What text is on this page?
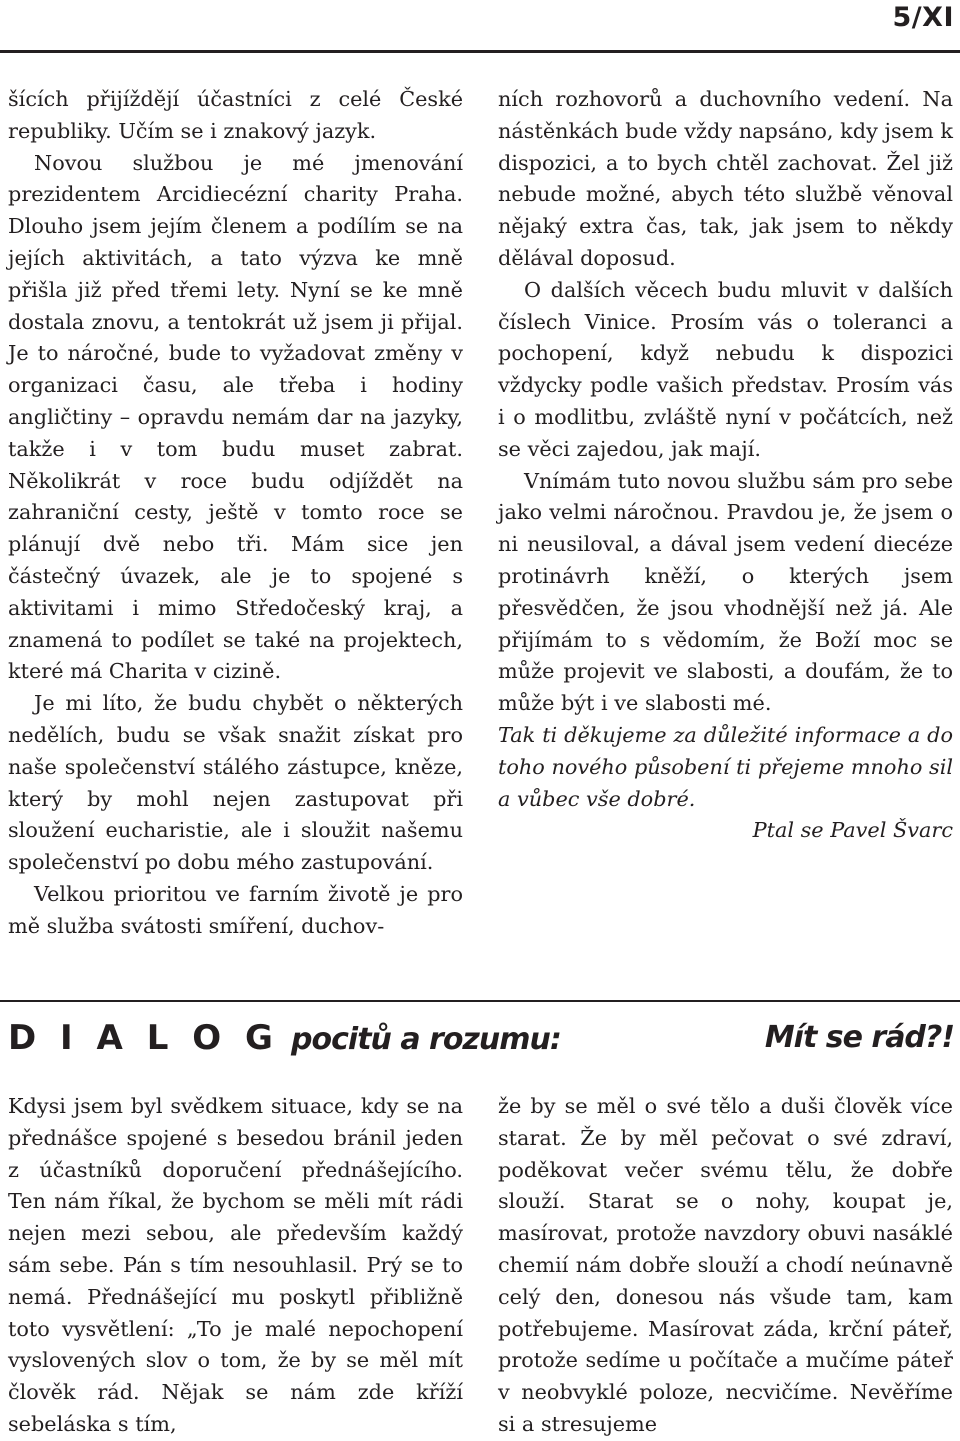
5/XI

šících přijíždějí účastníci z celé České republiky. Učím se i znakový jazyk.

Novou službou je mé jmenování prezidentem Arcidiecézní charity Praha. Dlouho jsem jejím členem a podílím se na jejích aktivitách, a tato výzva ke mně přišla již před třemi lety. Nyní se ke mně dostala znovu, a tentokrát už jsem ji přijal. Je to náročné, bude to vyžadovat změny v organizaci času, ale třeba i hodiny angličtiny – opravdu nemám dar na jazyky, takže i v tom budu muset zabrat. Několikrát v roce budu odjíždět na zahraniční cesty, ještě v tomto roce se plánují dvě nebo tři. Mám sice jen částečný úvazek, ale je to spojené s aktivitami i mimo Středočeský kraj, a znamená to podílet se také na projektech, které má Charita v cizině.

Je mi líto, že budu chybět o některých nedělích, budu se však snažit získat pro naše společenství stálého zástupce, kněze, který by mohl nejen zastupovat při sloužení eucharistie, ale i sloužit našemu společenství po dobu mého zastupování.

Velkou prioritou ve farním životě je pro mě služba svátosti smíření, duchov-

ních rozhovorů a duchovního vedení. Na nástěnkách bude vždy napsáno, kdy jsem k dispozici, a to bych chtěl zachovat. Žel již nebude možné, abych této službě věnoval nějaký extra čas, tak, jak jsem to někdy dělával doposud.

O dalších věcech budu mluvit v dalších číslech Vinice. Prosím vás o toleranci a pochopení, když nebudu k dispozici vždycky podle vašich představ. Prosím vás i o modlitbu, zvláště nyní v počátcích, než se věci zajedou, jak mají.

Vnímám tuto novou službu sám pro sebe jako velmi náročnou. Pravdou je, že jsem o ni neusiloval, a dával jsem vedení diecéze protinávrh kněží, o kterých jsem přesvědčen, že jsou vhodnější než já. Ale přijímám to s vědomím, že Boží moc se může projevit ve slabosti, a doufám, že to může být i ve slabosti mé.

Tak ti děkujeme za důležité informace a do toho nového působení ti přejeme mnoho sil a vůbec vše dobré.

Ptal se Pavel Švarc

D I A L O G pocitů a rozumu:	Mít se rád?!

Kdysi jsem byl svědkem situace, kdy se na přednášce spojené s besedou bránil jeden z účastníků doporučení přednášejícího. Ten nám říkal, že bychom se měli mít rádi nejen mezi sebou, ale především každý sám sebe. Pán s tím nesouhlasil. Prý se to nemá. Přednášející mu poskytl přibližně toto vysvětlení: „To je malé nepochopení vyslovených slov o tom, že by se měl mít člověk rád. Nějak se nám zde kříží sebeláska s tím,

že by se měl o své tělo a duši člověk více starat. Že by měl pečovat o své zdraví, poděkovat večer svému tělu, že dobře slouží. Starat se o nohy, koupat je, masírovat, protože navzdory obuvi nasáklé chemií nám dobře slouží a chodí neúnavně celý den, donesou nás všude tam, kam potřebujeme. Masírovat záda, krční páteř, protože sedíme u počítače a mučíme páteř v neobvyklé poloze, necvičíme. Nevěříme si a stresujeme
